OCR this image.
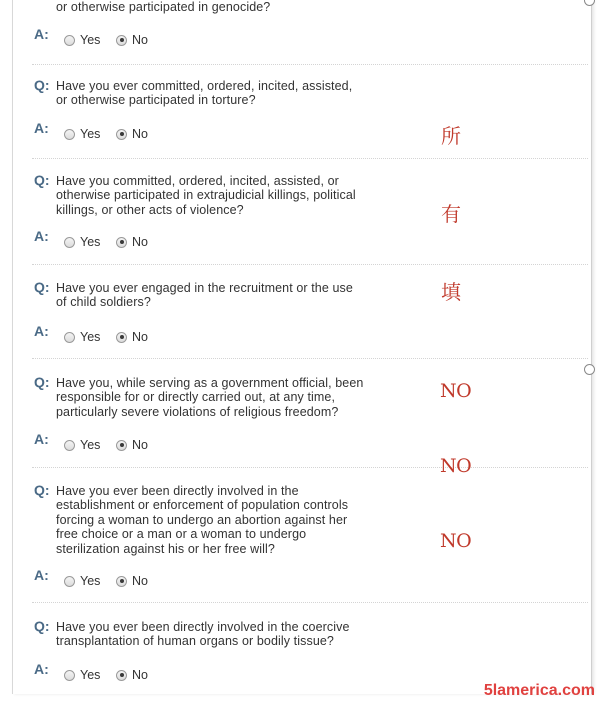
or otherwise participated in genocide?
A: Yes	No
Q: Have you ever committed, ordered, incited, assisted,
or otherwise participated in torture?
A: Yes	No
Q: Have you committed, ordered, incited, assisted, or
otherwise participated in extrajudicial killings, political
killings, or other acts of violence?
A: Yes	No
Q: Have you ever engaged in the recruitment or the use
of child soldiers?
A: Yes	No
Q: Have you, while serving as a government official, been
responsible for or directly carried out, at any time,
particularly severe violations of religious freedom?
A: Yes	No
Q: Have you ever been directly involved in the
establishment or enforcement of population controls
forcing a woman to undergo an abortion against her
free choice or a man or a woman to undergo
sterilization against his or her free will?
A: Yes	No
Q: Have you ever been directly involved in the coercive
transplantation of human organs or bodily tissue?
A: Yes	No
所
有
填
NO
NO
NO
5lamerica.com
